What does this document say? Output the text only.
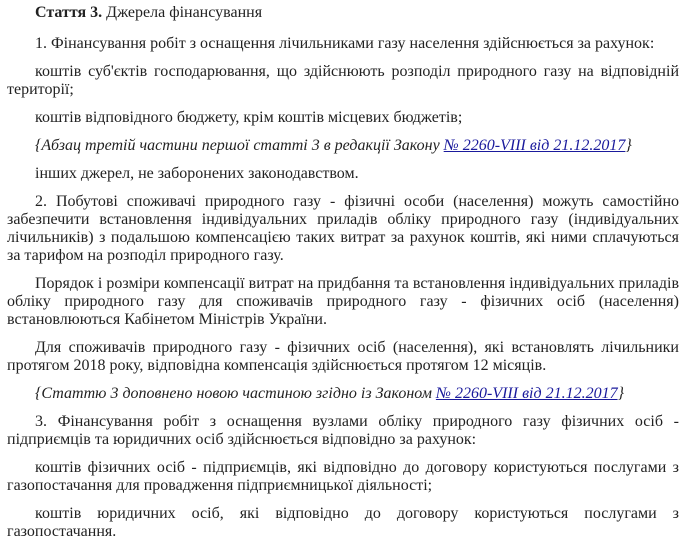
Стаття 3. Джерела фінансування

1. Фінансування робіт з оснащення лічильниками газу населення здійснюється за рахунок:

коштів суб'єктів господарювання, що здійснюють розподіл природного газу на відповідній території;

коштів відповідного бюджету, крім коштів місцевих бюджетів;

{Абзац третій частини першої статті 3 в редакції Закону № 2260-VIII від 21.12.2017}

інших джерел, не заборонених законодавством.

2. Побутові споживачі природного газу - фізичні особи (населення) можуть самостійно забезпечити встановлення індивідуальних приладів обліку природного газу (індивідуальних лічильників) з подальшою компенсацією таких витрат за рахунок коштів, які ними сплачуються за тарифом на розподіл природного газу.

Порядок і розміри компенсації витрат на придбання та встановлення індивідуальних приладів обліку природного газу для споживачів природного газу - фізичних осіб (населення) встановлюються Кабінетом Міністрів України.

Для споживачів природного газу - фізичних осіб (населення), які встановлять лічильники протягом 2018 року, відповідна компенсація здійснюється протягом 12 місяців.

{Статтю 3 доповнено новою частиною згідно із Законом № 2260-VIII від 21.12.2017}

3. Фінансування робіт з оснащення вузлами обліку природного газу фізичних осіб - підприємців та юридичних осіб здійснюється відповідно за рахунок:

коштів фізичних осіб - підприємців, які відповідно до договору користуються послугами з газопостачання для провадження підприємницької діяльності;

коштів юридичних осіб, які відповідно до договору користуються послугами з газопостачання.
